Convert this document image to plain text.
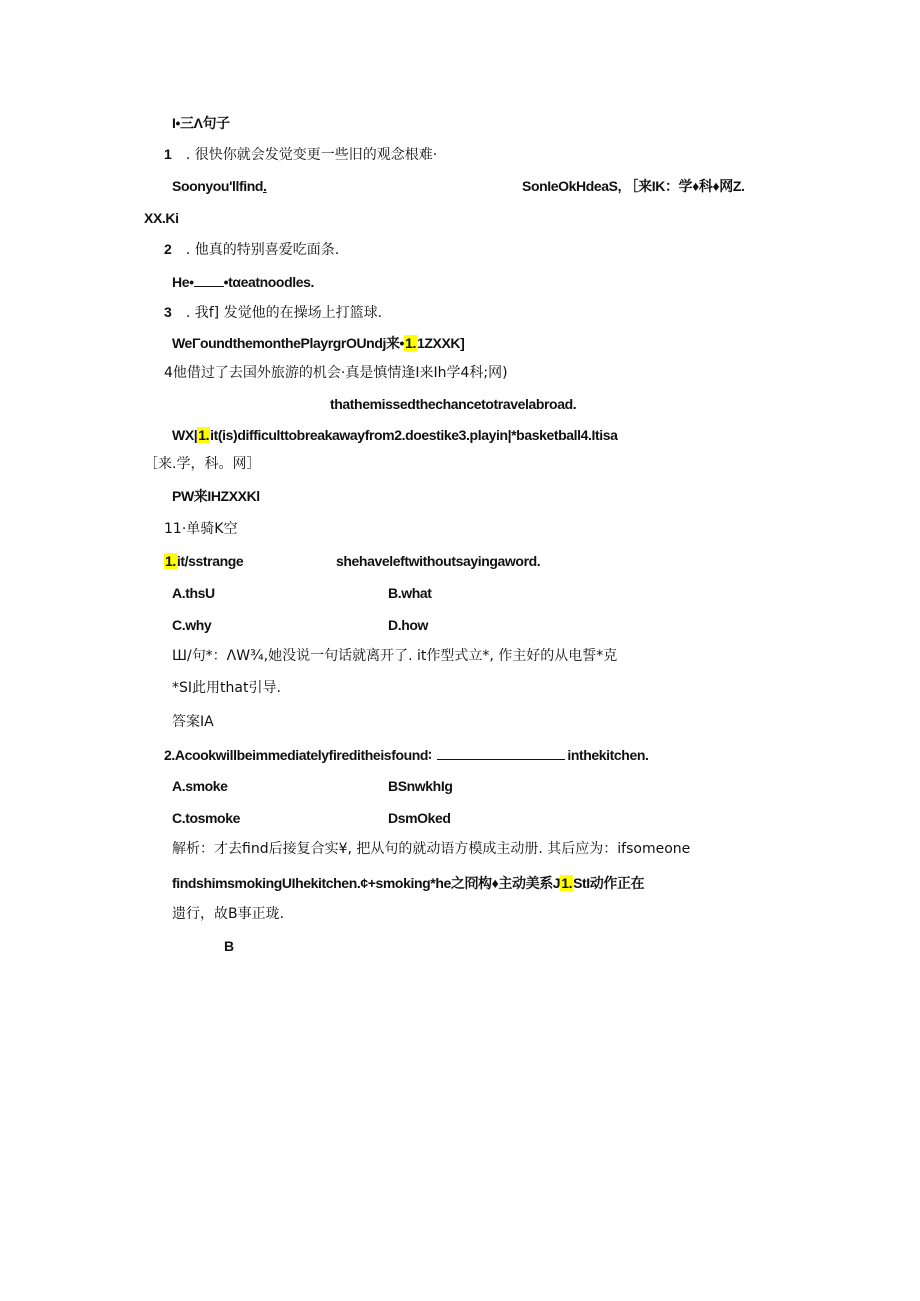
I•三Λ句子
1 . 很快你就会发觉变更一些旧的观念根难·
Soonyou'llfind.	SonIeOkHdeaS, ［来IK：学♦科♦网Z.
XX.Ki
2 . 他真的特别喜爱吃面条.
He• •tαeatnoodles.
3 . 我f] 发觉他的在操场上打篮球.
WeΓoundthemonthePlayrgrOUndj来•1.1ZXXK]
4他借过了去国外旅游的机会·真是慎情逢I来Ih学4科;网)
thathemissedthechancetotravelabroad.
WX|1.it(is)difficulttobreakawayfrom2.doestike3.playin|*basketball4.Itisa
［来.学，科。网］
PW来IHZXXKl
11·单骑K空
1.it/sstrange	shehaveleftwithoutsayingaword.
A.thsU	B.what
C.why	D.how
Ш/句*：ΛW¾,她没说一句话就离开了. it作型式立*, 作主好的从电誓*克
*SI此用that引导.
答案IA
2.Acookwillbeimmediatelyfireditheisfound∶	inthekitchen.
A.smoke	BSnwkhIg
C.tosmoke	DsmOked
解析：才去find后接复合实¥, 把从句的就动语方模成主动册. 其后应为：ifsomeone
findshimsmokingUIhekitchen.¢+smoking*he之冏构♦主动美系J1.StI动作正在
遗行，故B事正珑.
B
